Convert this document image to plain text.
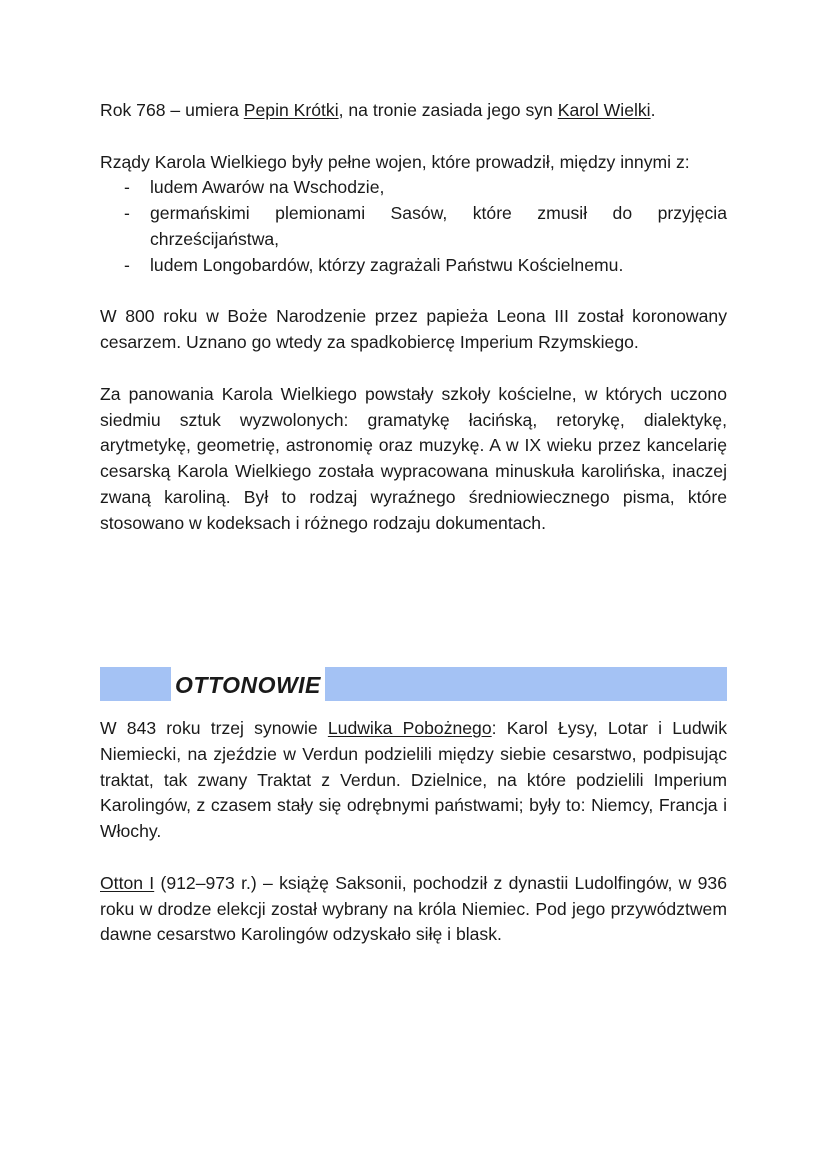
Rok 768 – umiera Pepin Krótki, na tronie zasiada jego syn Karol Wielki.

Rządy Karola Wielkiego były pełne wojen, które prowadził, między innymi z:

- ludem Awarów na Wschodzie,
- germańskimi plemionami Sasów, które zmusił do przyjęcia chrześcijaństwa,
- ludem Longobardów, którzy zagrażali Państwu Kościelnemu.

W 800 roku w Boże Narodzenie przez papieża Leona III został koronowany cesarzem. Uznano go wtedy za spadkobiercę Imperium Rzymskiego.

Za panowania Karola Wielkiego powstały szkoły kościelne, w których uczono siedmiu sztuk wyzwolonych: gramatykę łacińską, retorykę, dialektykę, arytmetykę, geometrię, astronomię oraz muzykę. A w IX wieku przez kancelarię cesarską Karola Wielkiego została wypracowana minuskuła karolińska, inaczej zwaną karoliną. Był to rodzaj wyraźnego średniowiecznego pisma, które stosowano w kodeksach i różnego rodzaju dokumentach.

OTTONOWIE

W 843 roku trzej synowie Ludwika Pobożnego: Karol Łysy, Lotar i Ludwik Niemiecki, na zjeździe w Verdun podzielili między siebie cesarstwo, podpisując traktat, tak zwany Traktat z Verdun. Dzielnice, na które podzielili Imperium Karolingów, z czasem stały się odrębnymi państwami; były to: Niemcy, Francja i Włochy.

Otton I (912–973 r.) – książę Saksonii, pochodził z dynastii Ludolfingów, w 936 roku w drodze elekcji został wybrany na króla Niemiec. Pod jego przywództwem dawne cesarstwo Karolingów odzyskało siłę i blask.
